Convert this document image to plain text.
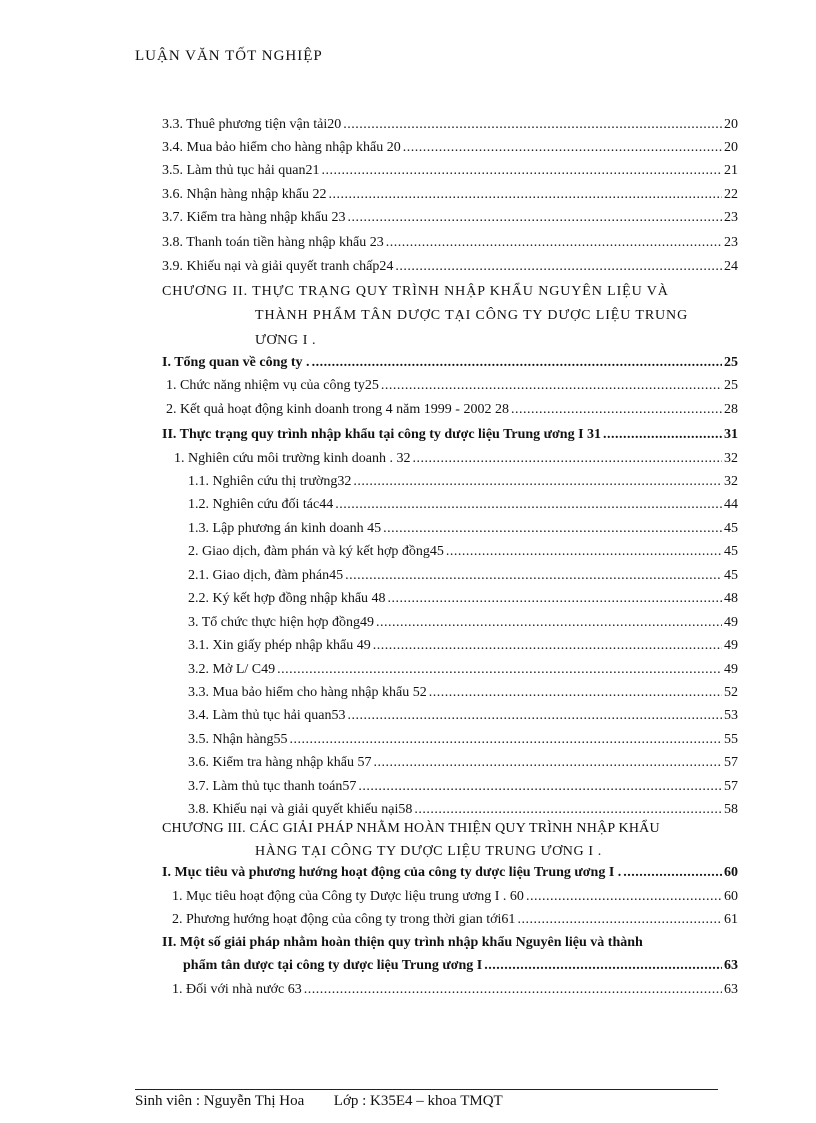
LUẬN VĂN TỐT NGHIỆP
3.3. Thuê phương tiện vận tải20 .....	20
3.4. Mua bảo hiểm cho hàng nhập khẩu 20 .....	20
3.5. Làm thủ tục hải quan21 .....	21
3.6. Nhận hàng nhập khẩu 22 .....	22
3.7. Kiểm tra hàng nhập khẩu 23 .....	23
3.8. Thanh toán tiền hàng nhập khẩu 23 .....	23
3.9. Khiếu nại và giải quyết tranh chấp24 .....	24
CHƯƠNG II. THỰC TRẠNG QUY TRÌNH NHẬP KHẨU NGUYÊN LIỆU VÀ
THÀNH PHẨM TÂN DƯỢC TẠI CÔNG TY DƯỢC LIỆU TRUNG
ƯƠNG I .
I. Tổng quan về công ty . .....	25
1. Chức năng nhiệm vụ của công ty25 .....	25
2. Kết quả hoạt động kinh doanh trong 4 năm 1999 - 2002 28 .....	28
II. Thực trạng quy trình nhập khẩu tại công ty dược liệu Trung ương I 31 .....	31
1. Nghiên cứu môi trường kinh doanh . 32 .....	32
1.1. Nghiên cứu thị trường32 .....	32
1.2. Nghiên cứu đối tác44 .....	44
1.3. Lập phương án kinh doanh 45 .....	45
2. Giao dịch, đàm phán và ký kết hợp đồng45 .....	45
2.1. Giao dịch, đàm phán45 .....	45
2.2. Ký kết hợp đồng nhập khẩu 48 .....	48
3. Tổ chức thực hiện hợp đồng49 .....	49
3.1. Xin giấy phép nhập khẩu 49 .....	49
3.2. Mở L/ C49 .....	49
3.3. Mua bảo hiểm cho hàng nhập khẩu 52 .....	52
3.4. Làm thủ tục hải quan53 .....	53
3.5. Nhận hàng55 .....	55
3.6. Kiểm tra hàng nhập khẩu 57 .....	57
3.7. Làm thủ tục thanh toán57 .....	57
3.8. Khiếu nại và giải quyết khiếu nại58 .....	58
CHƯƠNG III. CÁC GIẢI PHÁP NHẰM HOÀN THIỆN QUY TRÌNH NHẬP KHẨU
HÀNG TẠI CÔNG TY DƯỢC LIỆU TRUNG ƯƠNG I .
I. Mục tiêu và phương hướng hoạt động của công ty dược liệu Trung ương I . .....	60
1. Mục tiêu hoạt động của Công ty Dược liệu trung ương I . 60 .....	60
2. Phương hướng hoạt động của công ty trong thời gian tới61 .....	61
II. Một số giải pháp nhằm hoàn thiện quy trình nhập khẩu Nguyên liệu và thành
phẩm tân dược tại công ty dược liệu Trung ương I .....	63
1. Đối với nhà nước 63 .....	63
Sinh viên : Nguyễn Thị Hoa Lớp : K35E4 – khoa TMQT
